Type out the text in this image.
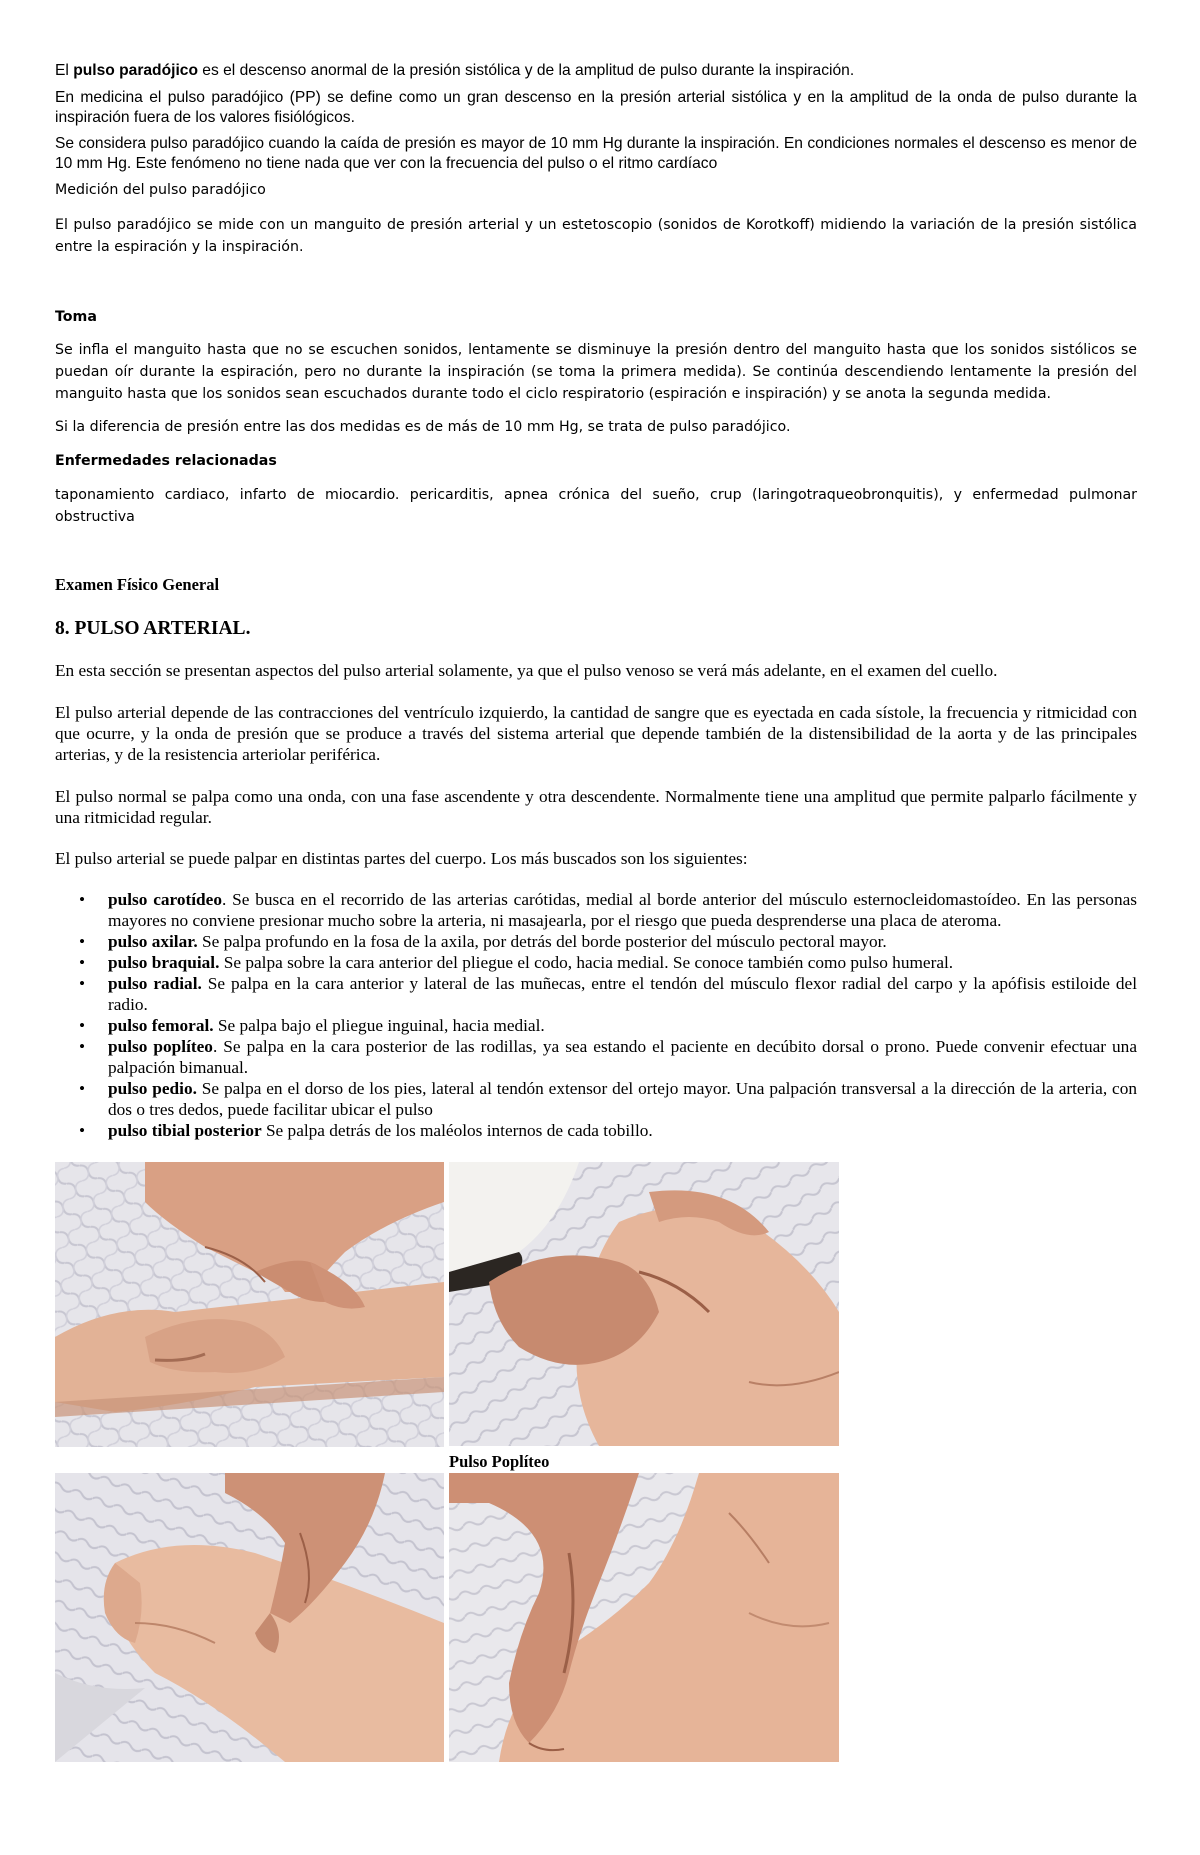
El pulso paradójico es el descenso anormal de la presión sistólica y de la amplitud de pulso durante la inspiración.

En medicina el pulso paradójico (PP) se define como un gran descenso en la presión arterial sistólica y en la amplitud de la onda de pulso durante la inspiración fuera de los valores fisiólógicos.

Se considera pulso paradójico cuando la caída de presión es mayor de 10 mm Hg durante la inspiración. En condiciones normales el descenso es menor de 10 mm Hg. Este fenómeno no tiene nada que ver con la frecuencia del pulso o el ritmo cardíaco

Medición del pulso paradójico

El pulso paradójico se mide con un manguito de presión arterial y un estetoscopio (sonidos de Korotkoff) midiendo la variación de la presión sistólica entre la espiración y la inspiración.

Toma

Se infla el manguito hasta que no se escuchen sonidos, lentamente se disminuye la presión dentro del manguito hasta que los sonidos sistólicos se puedan oír durante la espiración, pero no durante la inspiración (se toma la primera medida). Se continúa descendiendo lentamente la presión del manguito hasta que los sonidos sean escuchados durante todo el ciclo respiratorio (espiración e inspiración) y se anota la segunda medida.

Si la diferencia de presión entre las dos medidas es de más de 10 mm Hg, se trata de pulso paradójico.

Enfermedades relacionadas

taponamiento cardiaco, infarto de miocardio. pericarditis, apnea crónica del sueño, crup (laringotraqueobronquitis), y enfermedad pulmonar obstructiva

Examen Físico General
8. PULSO ARTERIAL.

En esta sección se presentan aspectos del pulso arterial solamente, ya que el pulso venoso se verá más adelante, en el examen del cuello.

El pulso arterial depende de las contracciones del ventrículo izquierdo, la cantidad de sangre que es eyectada en cada sístole, la frecuencia y ritmicidad con que ocurre, y la onda de presión que se produce a través del sistema arterial que depende también de la distensibilidad de la aorta y de las principales arterias, y de la resistencia arteriolar periférica.

El pulso normal se palpa como una onda, con una fase ascendente y otra descendente. Normalmente tiene una amplitud que permite palparlo fácilmente y una ritmicidad regular.

El pulso arterial se puede palpar en distintas partes del cuerpo. Los más buscados son los siguientes:

• pulso carotídeo. Se busca en el recorrido de las arterias carótidas, medial al borde anterior del músculo esternocleidomastoídeo. En las personas mayores no conviene presionar mucho sobre la arteria, ni masajearla, por el riesgo que pueda desprenderse una placa de ateroma.
• pulso axilar. Se palpa profundo en la fosa de la axila, por detrás del borde posterior del músculo pectoral mayor.
• pulso braquial. Se palpa sobre la cara anterior del pliegue el codo, hacia medial. Se conoce también como pulso humeral.
• pulso radial. Se palpa en la cara anterior y lateral de las muñecas, entre el tendón del músculo flexor radial del carpo y la apófisis estiloide del radio.
• pulso femoral. Se palpa bajo el pliegue inguinal, hacia medial.
• pulso poplíteo. Se palpa en la cara posterior de las rodillas, ya sea estando el paciente en decúbito dorsal o prono. Puede convenir efectuar una palpación bimanual.
• pulso pedio. Se palpa en el dorso de los pies, lateral al tendón extensor del ortejo mayor. Una palpación transversal a la dirección de la arteria, con dos o tres dedos, puede facilitar ubicar el pulso
• pulso tibial posterior Se palpa detrás de los maléolos internos de cada tobillo.
Pulso Poplíteo
